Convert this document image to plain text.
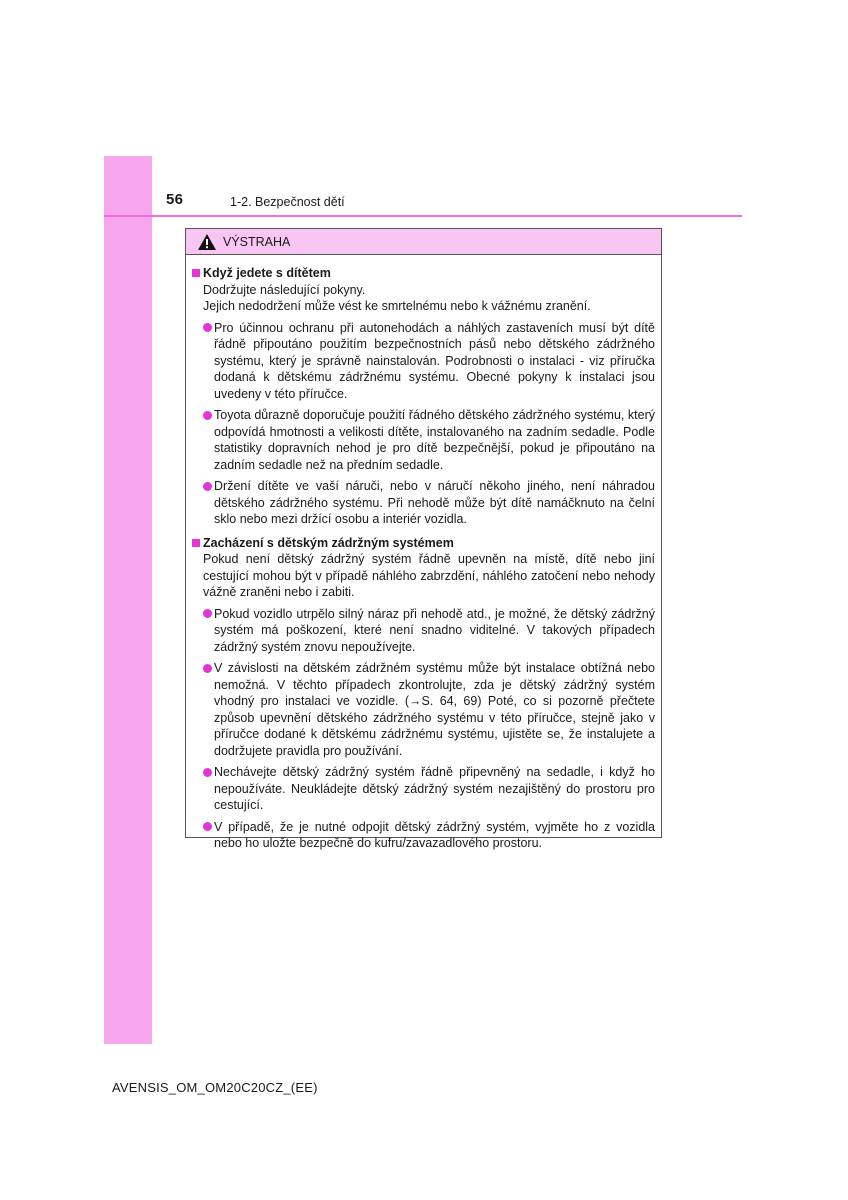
56	1-2. Bezpečnost dětí
VÝSTRAHA
Když jedete s dítětem
Dodržujte následující pokyny.
Jejich nedodržení může vést ke smrtelnému nebo k vážnému zranění.
Pro účinnou ochranu při autonehodách a náhlých zastaveních musí být dítě řádně připoutáno použitím bezpečnostních pásů nebo dětského zádržného systému, který je správně nainstalován. Podrobnosti o instalaci - viz příručka dodaná k dětskému zádržnému systému. Obecné pokyny k instalaci jsou uvedeny v této příručce.
Toyota důrazně doporučuje použití řádného dětského zádržného systému, který odpovídá hmotnosti a velikosti dítěte, instalovaného na zadním sedadle. Podle statistiky dopravních nehod je pro dítě bezpečnější, pokud je připoutáno na zadním sedadle než na předním sedadle.
Držení dítěte ve vaší náruči, nebo v náručí někoho jiného, není náhradou dětského zádržného systému. Při nehodě může být dítě namáčknuto na čelní sklo nebo mezi držící osobu a interiér vozidla.
Zacházení s dětským zádržným systémem
Pokud není dětský zádržný systém řádně upevněn na místě, dítě nebo jiní cestující mohou být v případě náhlého zabrzdění, náhlého zatočení nebo nehody vážně zraněni nebo i zabiti.
Pokud vozidlo utrpělo silný náraz při nehodě atd., je možné, že dětský zádržný systém má poškození, které není snadno viditelné. V takových případech zádržný systém znovu nepoužívejte.
V závislosti na dětském zádržném systému může být instalace obtížná nebo nemožná. V těchto případech zkontrolujte, zda je dětský zádržný systém vhodný pro instalaci ve vozidle. (→S. 64, 69) Poté, co si pozorně přečtete způsob upevnění dětského zádržného systému v této příručce, stejně jako v příručce dodané k dětskému zádržnému systému, ujistěte se, že instalujete a dodržujete pravidla pro používání.
Nechávejte dětský zádržný systém řádně připevněný na sedadle, i když ho nepoužíváte. Neukládejte dětský zádržný systém nezajištěný do prostoru pro cestující.
V případě, že je nutné odpojit dětský zádržný systém, vyjměte ho z vozidla nebo ho uložte bezpečně do kufru/zavazadlového prostoru.
AVENSIS_OM_OM20C20CZ_(EE)
